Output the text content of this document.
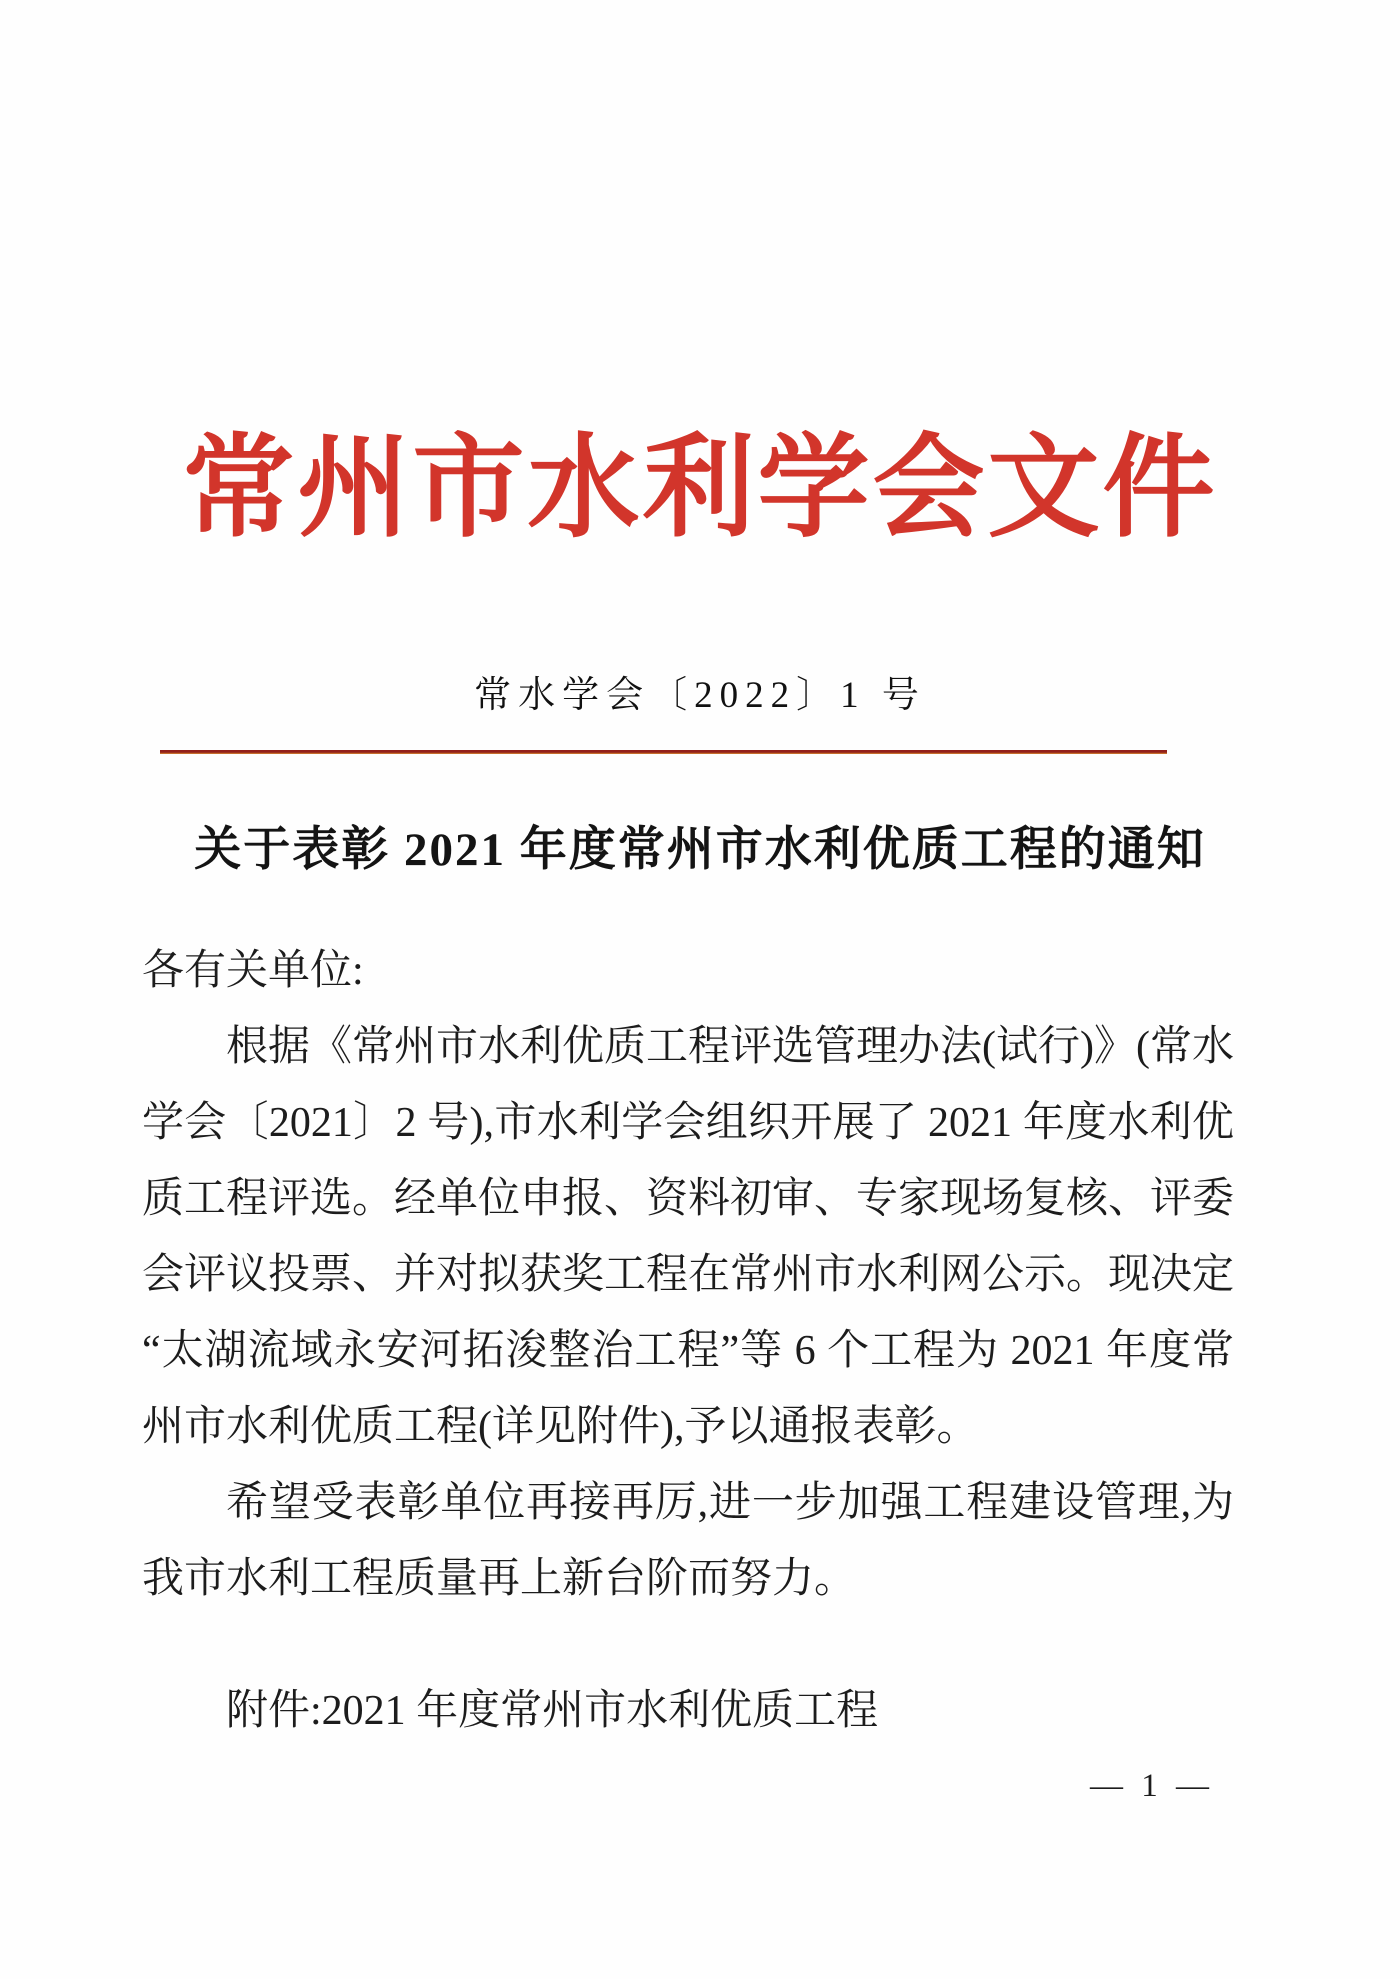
常州市水利学会文件
常水学会〔2022〕1 号
关于表彰 2021 年度常州市水利优质工程的通知

各有关单位:

根据《常州市水利优质工程评选管理办法(试行)》(常水学会〔2021〕2 号),市水利学会组织开展了 2021 年度水利优质工程评选。经单位申报、资料初审、专家现场复核、评委会评议投票、并对拟获奖工程在常州市水利网公示。现决定“太湖流域永安河拓浚整治工程”等 6 个工程为 2021 年度常州市水利优质工程(详见附件),予以通报表彰。

希望受表彰单位再接再厉,进一步加强工程建设管理,为我市水利工程质量再上新台阶而努力。

附件:2021 年度常州市水利优质工程

— 1 —
